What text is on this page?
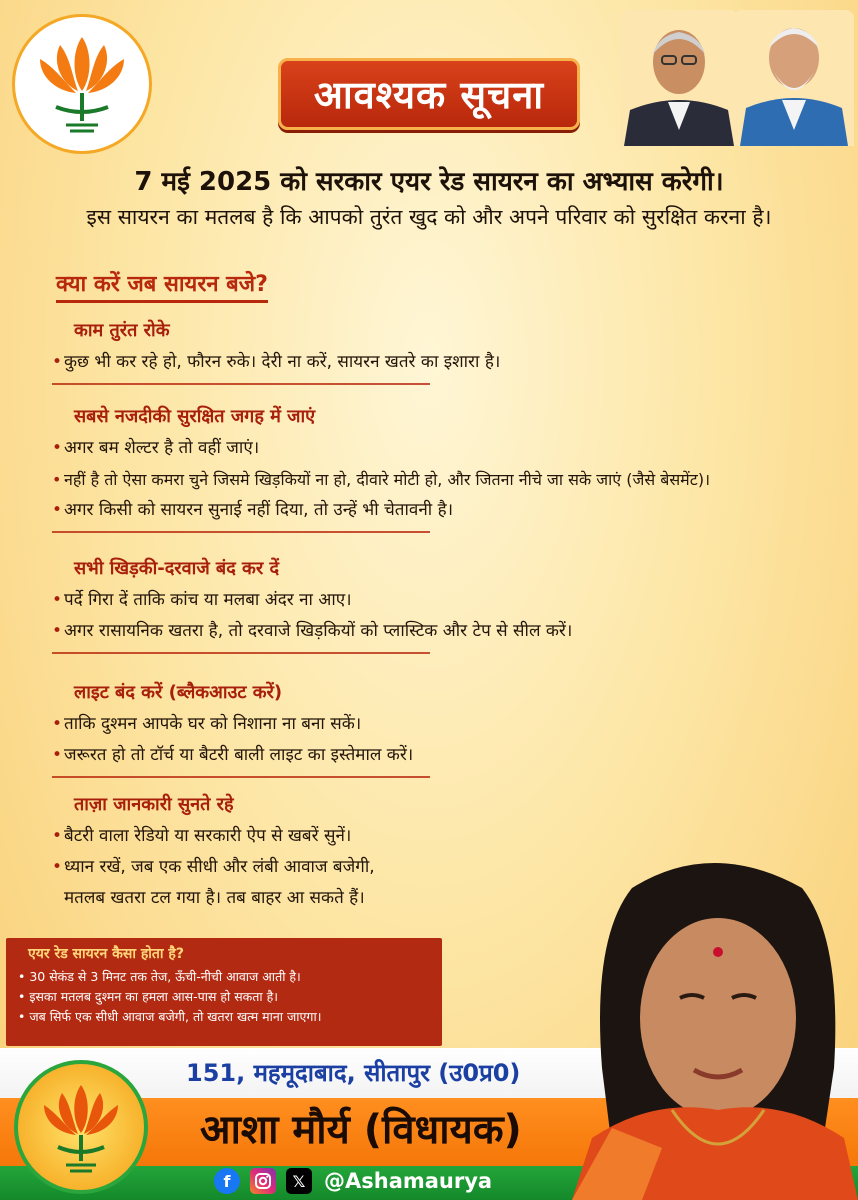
आवश्यक सूचना
7 मई 2025 को सरकार एयर रेड सायरन का अभ्यास करेगी।
इस सायरन का मतलब है कि आपको तुरंत खुद को और अपने परिवार को सुरक्षित करना है।
क्या करें जब सायरन बजे?
काम तुरंत रोके
• कुछ भी कर रहे हो, फौरन रुके। देरी ना करें, सायरन खतरे का इशारा है।
सबसे नजदीकी सुरक्षित जगह में जाएं
• अगर बम शेल्टर है तो वहीं जाएं।
• नहीं है तो ऐसा कमरा चुने जिसमे खिड़कियों ना हो, दीवारे मोटी हो, और जितना नीचे जा सके जाएं (जैसे बेसमेंट)।
• अगर किसी को सायरन सुनाई नहीं दिया, तो उन्हें भी चेतावनी है।
सभी खिड़की-दरवाजे बंद कर दें
• पर्दे गिरा दें ताकि कांच या मलबा अंदर ना आए।
• अगर रासायनिक खतरा है, तो दरवाजे खिड़कियों को प्लास्टिक और टेप से सील करें।
लाइट बंद करें (ब्लैकआउट करें)
• ताकि दुश्मन आपके घर को निशाना ना बना सकें।
• जरूरत हो तो टॉर्च या बैटरी बाली लाइट का इस्तेमाल करें।
ताज़ा जानकारी सुनते रहे
• बैटरी वाला रेडियो या सरकारी ऐप से खबरें सुनें।
• ध्यान रखें, जब एक सीधी और लंबी आवाज बजेगी,
मतलब खतरा टल गया है। तब बाहर आ सकते हैं।
एयर रेड सायरन कैसा होता है?
• 30 सेकंड से 3 मिनट तक तेज, ऊँची-नीची आवाज आती है।
• इसका मतलब दुश्मन का हमला आस-पास हो सकता है।
• जब सिर्फ एक सीधी आवाज बजेगी, तो खतरा खत्म माना जाएगा।
151, महमूदाबाद, सीतापुर (उ0प्र0)
आशा मौर्य (विधायक)
f	𝕏 @Ashamaurya
